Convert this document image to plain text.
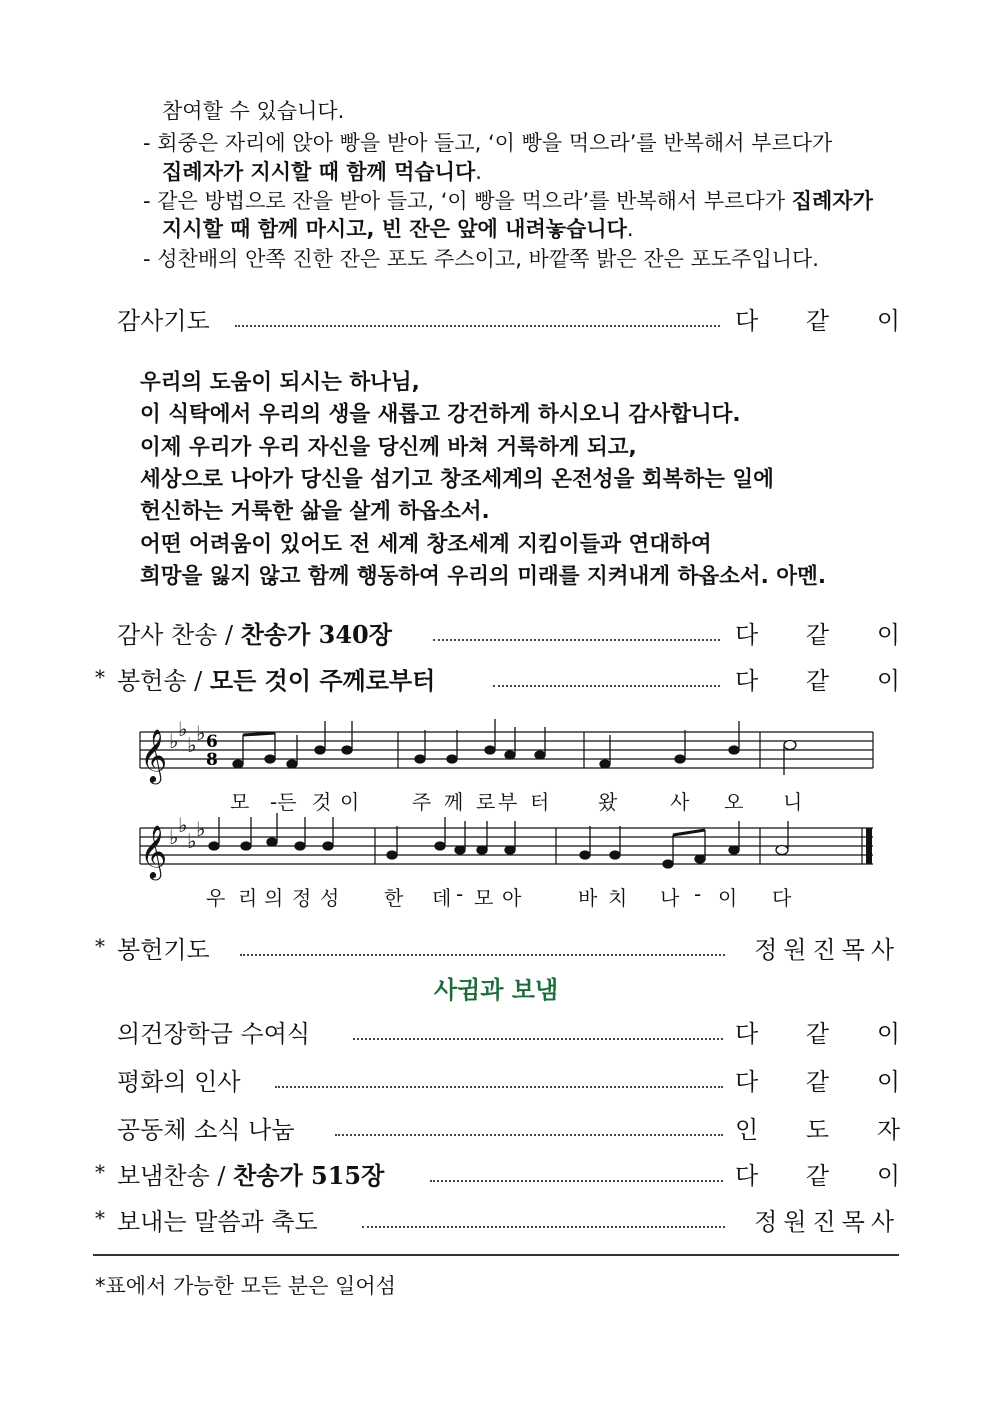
참여할 수 있습니다.
- 회중은 자리에 앉아 빵을 받아 들고, ‘이 빵을 먹으라’를 반복해서 부르다가
집례자가 지시할 때 함께 먹습니다.
- 같은 방법으로 잔을 받아 들고, ‘이 빵을 먹으라’를 반복해서 부르다가 집례자가
지시할 때 함께 마시고, 빈 잔은 앞에 내려놓습니다.
- 성찬배의 안쪽 진한 잔은 포도 주스이고, 바깥쪽 밝은 잔은 포도주입니다.
감사기도	다 같 이
우리의 도움이 되시는 하나님,
이 식탁에서 우리의 생을 새롭고 강건하게 하시오니 감사합니다.
이제 우리가 우리 자신을 당신께 바쳐 거룩하게 되고,
세상으로 나아가 당신을 섬기고 창조세계의 온전성을 회복하는 일에
헌신하는 거룩한 삶을 살게 하옵소서.
어떤 어려움이 있어도 전 세계 창조세계 지킴이들과 연대하여
희망을 잃지 않고 함께 행동하여 우리의 미래를 지켜내게 하옵소서. 아멘.
감사 찬송 / 찬송가 340장	다 같 이
* 봉헌송 / 모든 것이 주께로부터	다 같 이
𝄞 ♭ ♭
♭ ♭
𝄞 ♭ ♭
♭ ♭
6
8
모 -든 것 이	주 께 로 부 터 왔	사 오 니
우 리 의 정 성 한 데 - 모 아	바 치 나 - 이 다
* 봉헌기도	정원진목사
사귐과 보냄
의건장학금 수여식	다 같 이
평화의 인사	다 같 이
공동체 소식 나눔	인 도 자
* 보냄찬송 / 찬송가 515장	다 같 이
* 보내는 말씀과 축도	정원진목사
*표에서 가능한 모든 분은 일어섬
